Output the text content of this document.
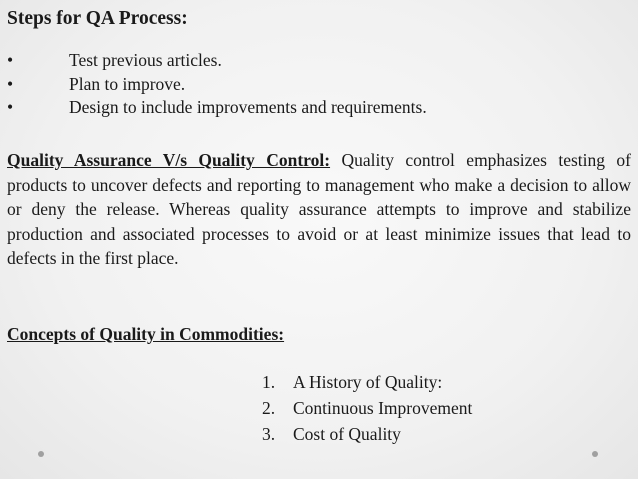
Steps for QA Process:
•	Test previous articles.
•	Plan to improve.
•	Design to include improvements and requirements.

Quality Assurance V/s Quality Control: Quality control emphasizes testing of products to uncover defects and reporting to management who make a decision to allow or deny the release. Whereas quality assurance attempts to improve and stabilize production and associated processes to avoid or at least minimize issues that lead to defects in the first place.

Concepts of Quality in Commodities:
1. A History of Quality:
2. Continuous Improvement
3. Cost of Quality
